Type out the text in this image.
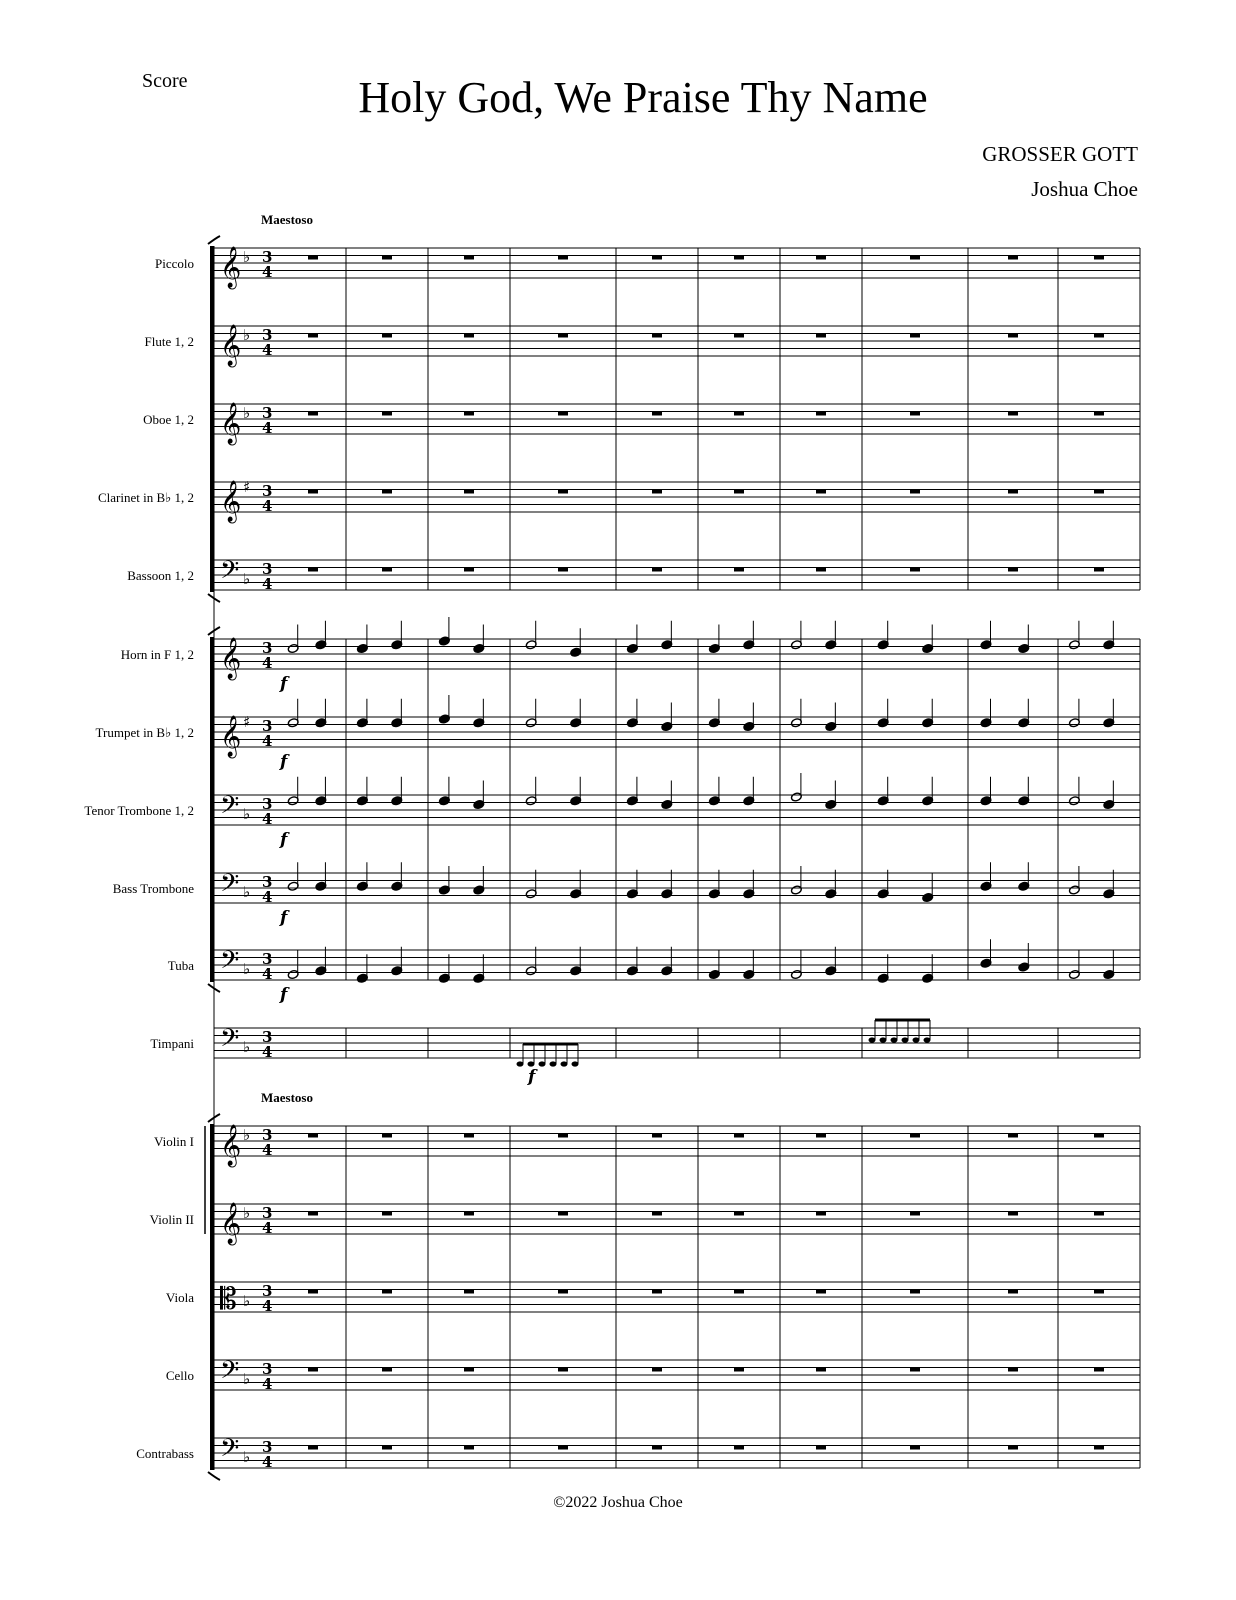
Score	Holy God, We Praise Thy Name
GROSSER GOTT
Joshua Choe
Maestoso
Maestoso
Piccolo
Flute 1, 2
Oboe 1, 2
Clarinet in B♭ 1, 2
Bassoon 1, 2
Horn in F 1, 2
Trumpet in B♭ 1, 2
Tenor Trombone 1, 2
Bass Trombone
Tuba
Timpani
Violin I
Violin II
Viola
Cello
Contrabass
𝄞 ♭ 3
4
𝄞 ♭ 3
4
𝄞 ♭ 3
4
𝄞 ♯ 3
4
𝄢 ♭
3
4
𝄞 3
4
f
𝄞 ♯ 3
4
f
𝄢 ♭
3
4
f
𝄢 ♭
3
4
f
𝄢 ♭
3
4
f
𝄢 ♭
3
4
f
𝄞 ♭ 3
4
𝄞 ♭ 3
4
𝄡 ♭
3
4
𝄢 ♭
3
4
𝄢 ♭
3
4
©2022 Joshua Choe
